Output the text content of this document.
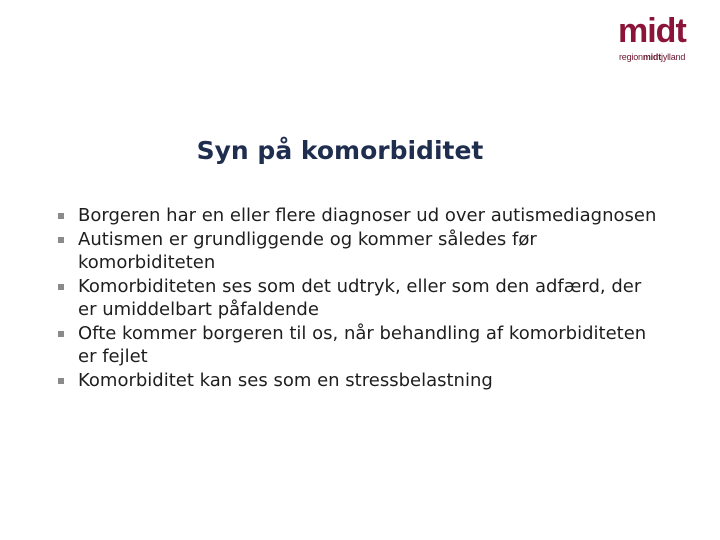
midt
regionmidtjylland
Syn på komorbiditet
Borgeren har en eller flere diagnoser ud over autismediagnosen
Autismen er grundliggende og kommer således før komorbiditeten
Komorbiditeten ses som det udtryk, eller som den adfærd, der er umiddelbart påfaldende
Ofte kommer borgeren til os, når behandling af komorbiditeten er fejlet
Komorbiditet kan ses som en stressbelastning
